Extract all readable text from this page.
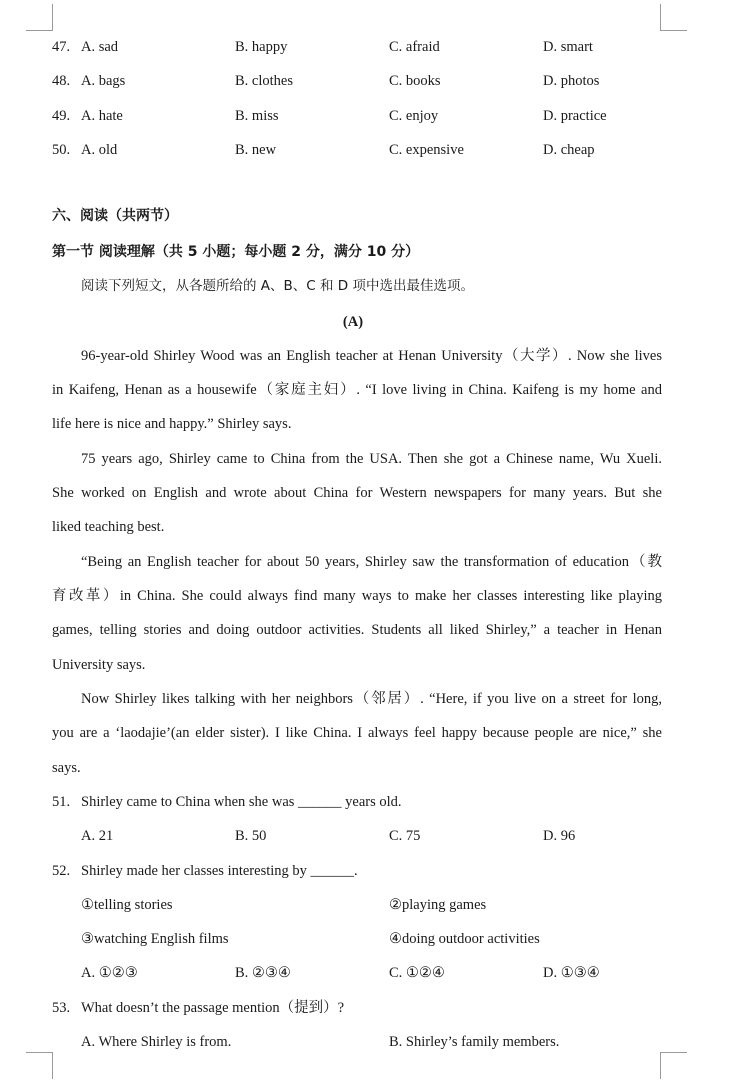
47. A. sad	B. happy	C. afraid	D. smart
48. A. bags	B. clothes	C. books	D. photos
49. A. hate	B. miss	C. enjoy	D. practice
50. A. old	B. new	C. expensive	D. cheap
六、阅读（共两节）
第一节 阅读理解（共 5 小题；每小题 2 分，满分 10 分）
阅读下列短文，从各题所给的 A、B、C 和 D 项中选出最佳选项。
(A)
96-year-old Shirley Wood was an English teacher at Henan University（大学）. Now she lives
in Kaifeng, Henan as a housewife（家庭主妇）. “I love living in China. Kaifeng is my home and
life here is nice and happy.” Shirley says.
75 years ago, Shirley came to China from the USA. Then she got a Chinese name, Wu Xueli.
She worked on English and wrote about China for Western newspapers for many years. But she
liked teaching best.
“Being an English teacher for about 50 years, Shirley saw the transformation of education（教
育改革）in China. She could always find many ways to make her classes interesting like playing
games, telling stories and doing outdoor activities. Students all liked Shirley,” a teacher in Henan
University says.
Now Shirley likes talking with her neighbors（邻居）. “Here, if you live on a street for long,
you are a ‘laodajie’(an elder sister). I like China. I always feel happy because people are nice,” she
says.
51. Shirley came to China when she was ______ years old.
A. 21	B. 50	C. 75	D. 96
52. Shirley made her classes interesting by ______.
①telling stories	②playing games
③watching English films	④doing outdoor activities
A. ①②③	B. ②③④	C. ①②④	D. ①③④
53. What doesn’t the passage mention（提到）?
A. Where Shirley is from.	B. Shirley’s family members.
